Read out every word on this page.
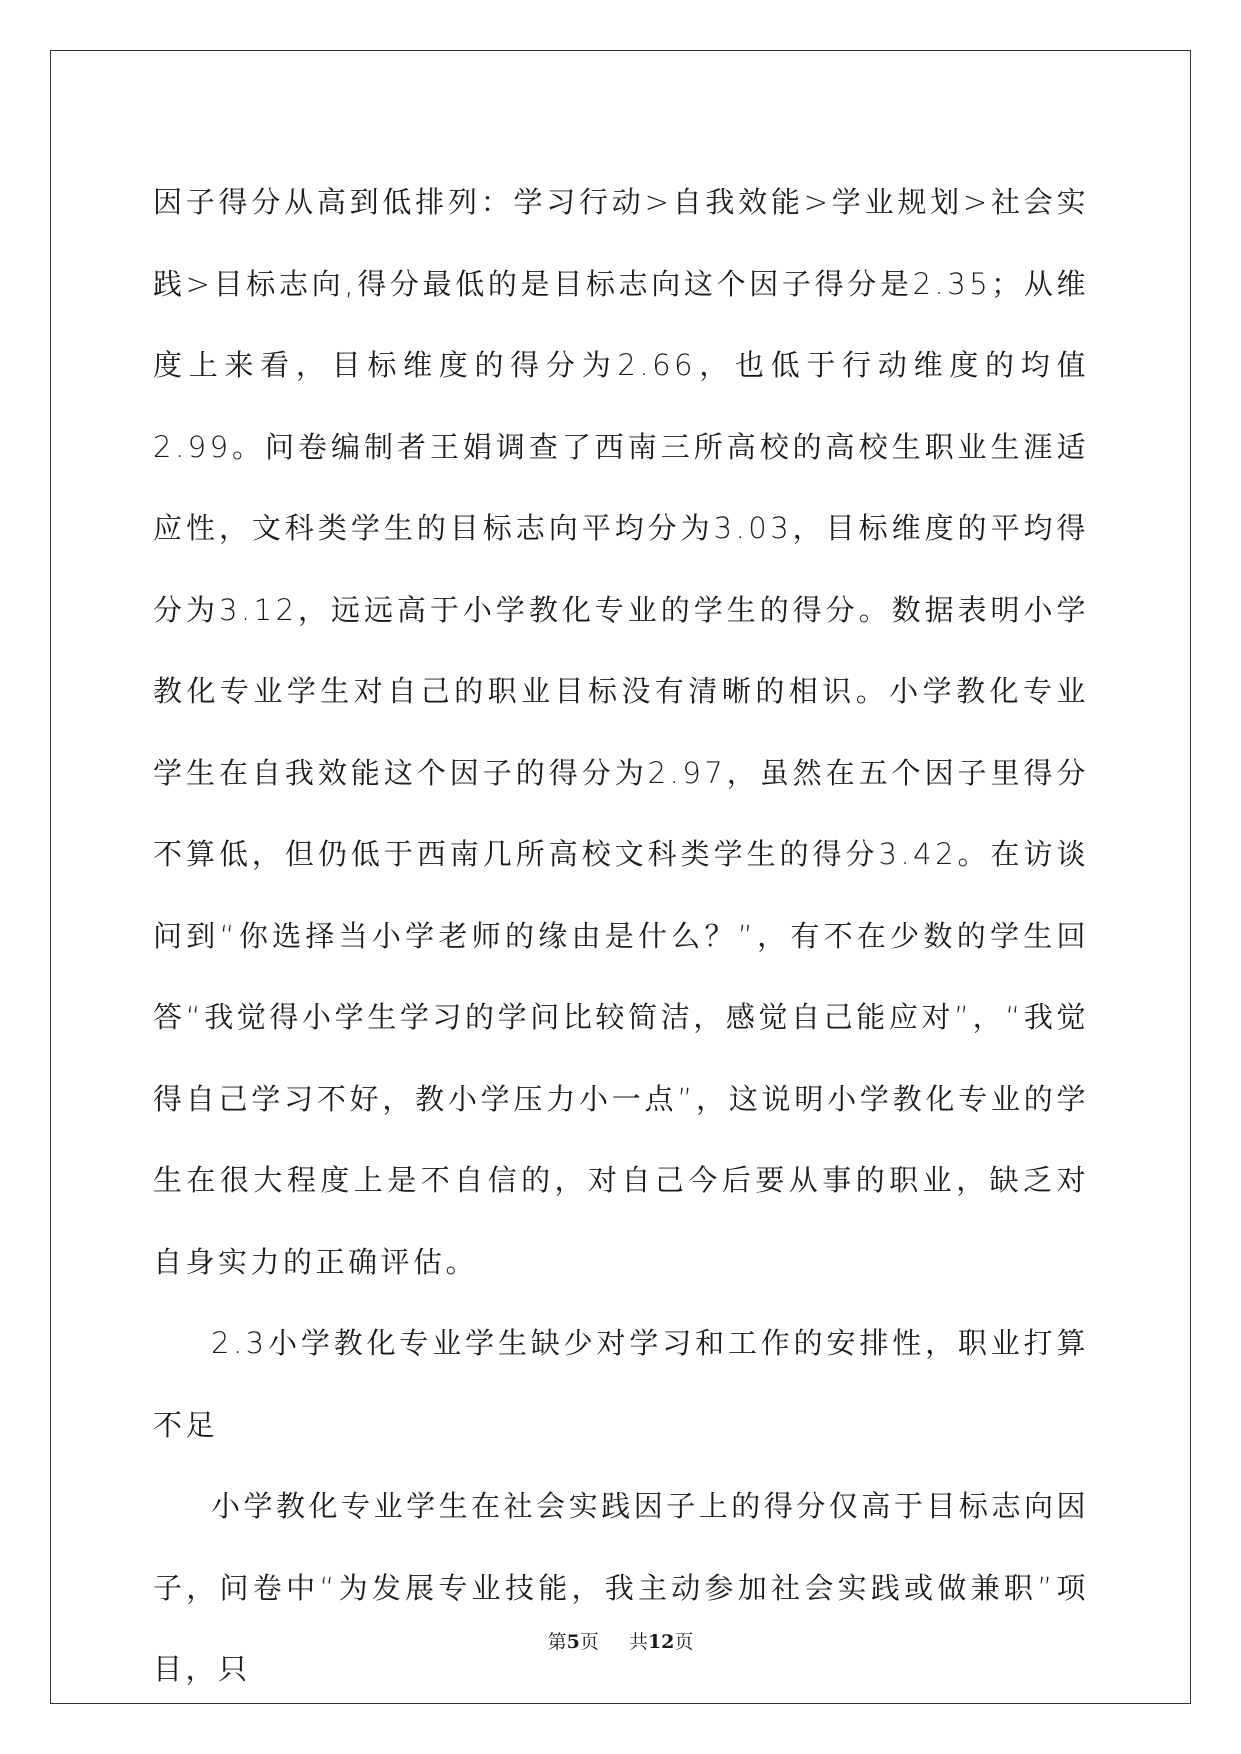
因子得分从高到低排列：学习行动>自我效能>学业规划>社会实践>目标志向,得分最低的是目标志向这个因子得分是2.35；从维度上来看，目标维度的得分为2.66，也低于行动维度的均值2.99。问卷编制者王娟调查了西南三所高校的高校生职业生涯适应性，文科类学生的目标志向平均分为3.03，目标维度的平均得分为3.12，远远高于小学教化专业的学生的得分。数据表明小学教化专业学生对自己的职业目标没有清晰的相识。小学教化专业学生在自我效能这个因子的得分为2.97，虽然在五个因子里得分不算低，但仍低于西南几所高校文科类学生的得分3.42。在访谈问到“你选择当小学老师的缘由是什么？”，有不在少数的学生回答“我觉得小学生学习的学问比较简洁，感觉自己能应对”，“我觉得自己学习不好，教小学压力小一点”，这说明小学教化专业的学生在很大程度上是不自信的，对自己今后要从事的职业，缺乏对自身实力的正确评估。

2.3小学教化专业学生缺少对学习和工作的安排性，职业打算不足

小学教化专业学生在社会实践因子上的得分仅高于目标志向因子，问卷中“为发展专业技能，我主动参加社会实践或做兼职”项目，只

第5页 共12页
